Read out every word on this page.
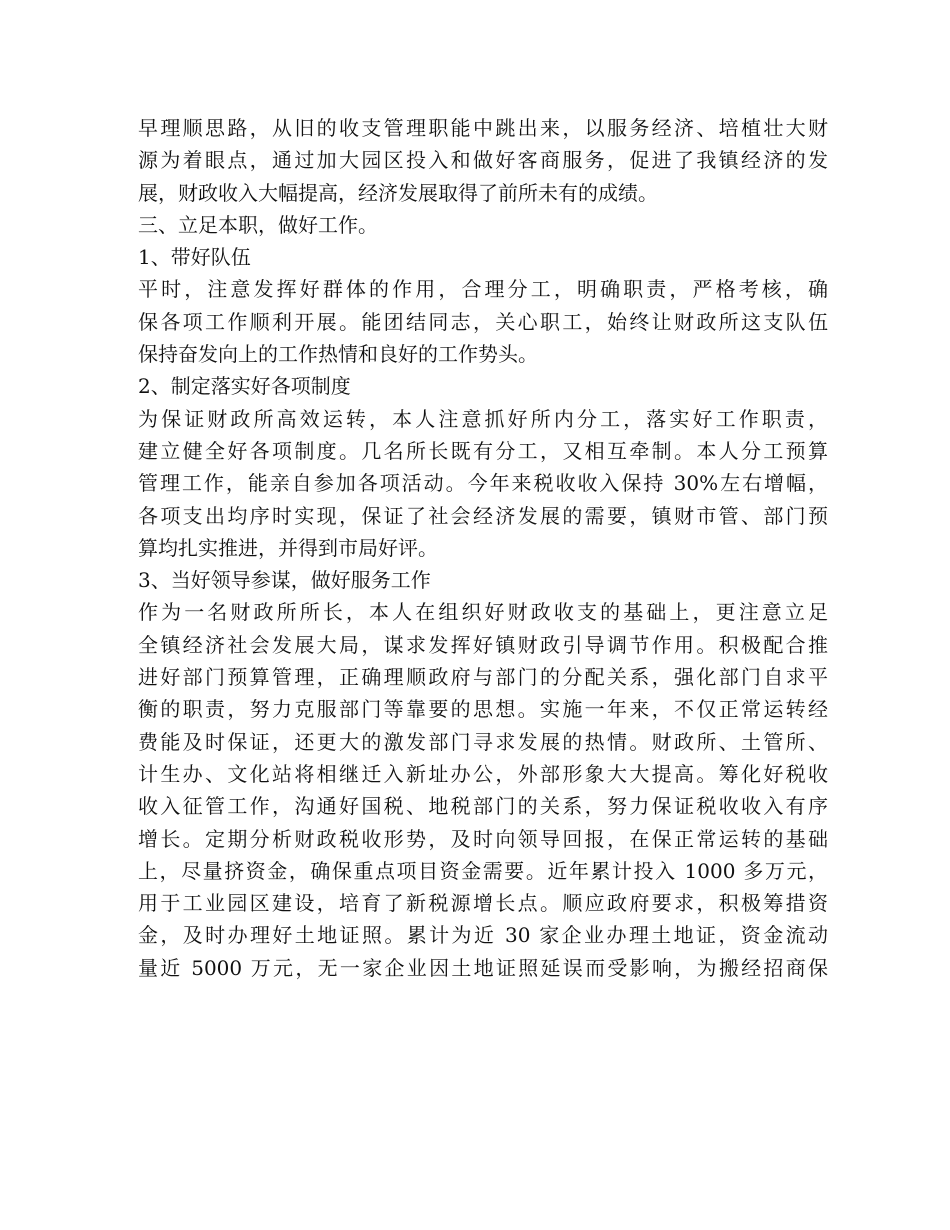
早理顺思路，从旧的收支管理职能中跳出来，以服务经济、培植壮大财
源为着眼点，通过加大园区投入和做好客商服务，促进了我镇经济的发
展，财政收入大幅提高，经济发展取得了前所未有的成绩。
三、立足本职，做好工作。
1、带好队伍
平时，注意发挥好群体的作用，合理分工，明确职责，严格考核，确
保各项工作顺利开展。能团结同志，关心职工，始终让财政所这支队伍
保持奋发向上的工作热情和良好的工作势头。
2、制定落实好各项制度
为保证财政所高效运转，本人注意抓好所内分工，落实好工作职责，
建立健全好各项制度。几名所长既有分工，又相互牵制。本人分工预算
管理工作，能亲自参加各项活动。今年来税收收入保持 30%左右增幅，
各项支出均序时实现，保证了社会经济发展的需要，镇财市管、部门预
算均扎实推进，并得到市局好评。
3、当好领导参谋，做好服务工作
作为一名财政所所长，本人在组织好财政收支的基础上，更注意立足
全镇经济社会发展大局，谋求发挥好镇财政引导调节作用。积极配合推
进好部门预算管理，正确理顺政府与部门的分配关系，强化部门自求平
衡的职责，努力克服部门等靠要的思想。实施一年来，不仅正常运转经
费能及时保证，还更大的激发部门寻求发展的热情。财政所、土管所、
计生办、文化站将相继迁入新址办公，外部形象大大提高。筹化好税收
收入征管工作，沟通好国税、地税部门的关系，努力保证税收收入有序
增长。定期分析财政税收形势，及时向领导回报，在保正常运转的基础
上，尽量挤资金，确保重点项目资金需要。近年累计投入 1000 多万元，
用于工业园区建设，培育了新税源增长点。顺应政府要求，积极筹措资
金，及时办理好土地证照。累计为近 30 家企业办理土地证，资金流动
量近 5000 万元，无一家企业因土地证照延误而受影响，为搬经招商保
